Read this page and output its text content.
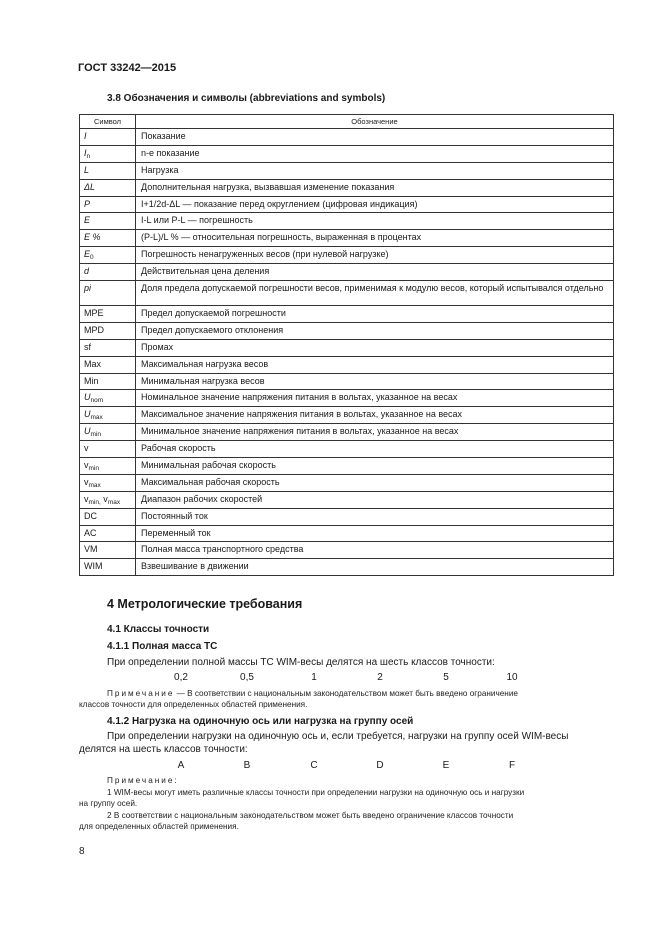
ГОСТ 33242—2015
3.8 Обозначения и символы (abbreviations and symbols)
Символ	Обозначение
I	Показание
$I_n$	n-е показание
L	Нагрузка
ΔL	Дополнительная нагрузка, вызвавшая изменение показания
P	I+1/2d-ΔL — показание перед округлением (цифровая индикация)
E	I-L или P-L — погрешность
E %	(P-L)/L % — относительная погрешность, выраженная в процентах
$E_0$	Погрешность ненагруженных весов (при нулевой нагрузке)
d	Действительная цена деления
pi	Доля предела допускаемой погрешности весов, применимая к модулю весов, который испытывался отдельно
MPE	Предел допускаемой погрешности
MPD	Предел допускаемого отклонения
sf	Промах
Max	Максимальная нагрузка весов
Min	Минимальная нагрузка весов
$U_{nom}$	Номинальное значение напряжения питания в вольтах, указанное на весах
$U_{max}$	Максимальное значение напряжения питания в вольтах, указанное на весах
$U_{min}$	Минимальное значение напряжения питания в вольтах, указанное на весах
v	Рабочая скорость
$v_{min}$	Минимальная рабочая скорость
$v_{max}$	Максимальная рабочая скорость
$v_{min,}$ $v_{max}$	Диапазон рабочих скоростей
DC	Постоянный ток
AC	Переменный ток
VM	Полная масса транспортного средства
WIM	Взвешивание в движении
4 Метрологические требования
4.1 Классы точности
4.1.1 Полная масса ТС
При определении полной массы ТС WIM-весы делятся на шесть классов точности:
0,2	0,5	1	2	5	10
Примечание — В соответствии с национальным законодательством может быть введено ограничение
классов точности для определенных областей применения.
4.1.2 Нагрузка на одиночную ось или нагрузка на группу осей
При определении нагрузки на одиночную ось и, если требуется, нагрузки на группу осей WIM-весы
делятся на шесть классов точности:
A	B	C	D	E	F
Примечание:
1 WIM-весы могут иметь различные классы точности при определении нагрузки на одиночную ось и нагрузки
на группу осей.
2 В соответствии с национальным законодательством может быть введено ограничение классов точности
для определенных областей применения.
8
